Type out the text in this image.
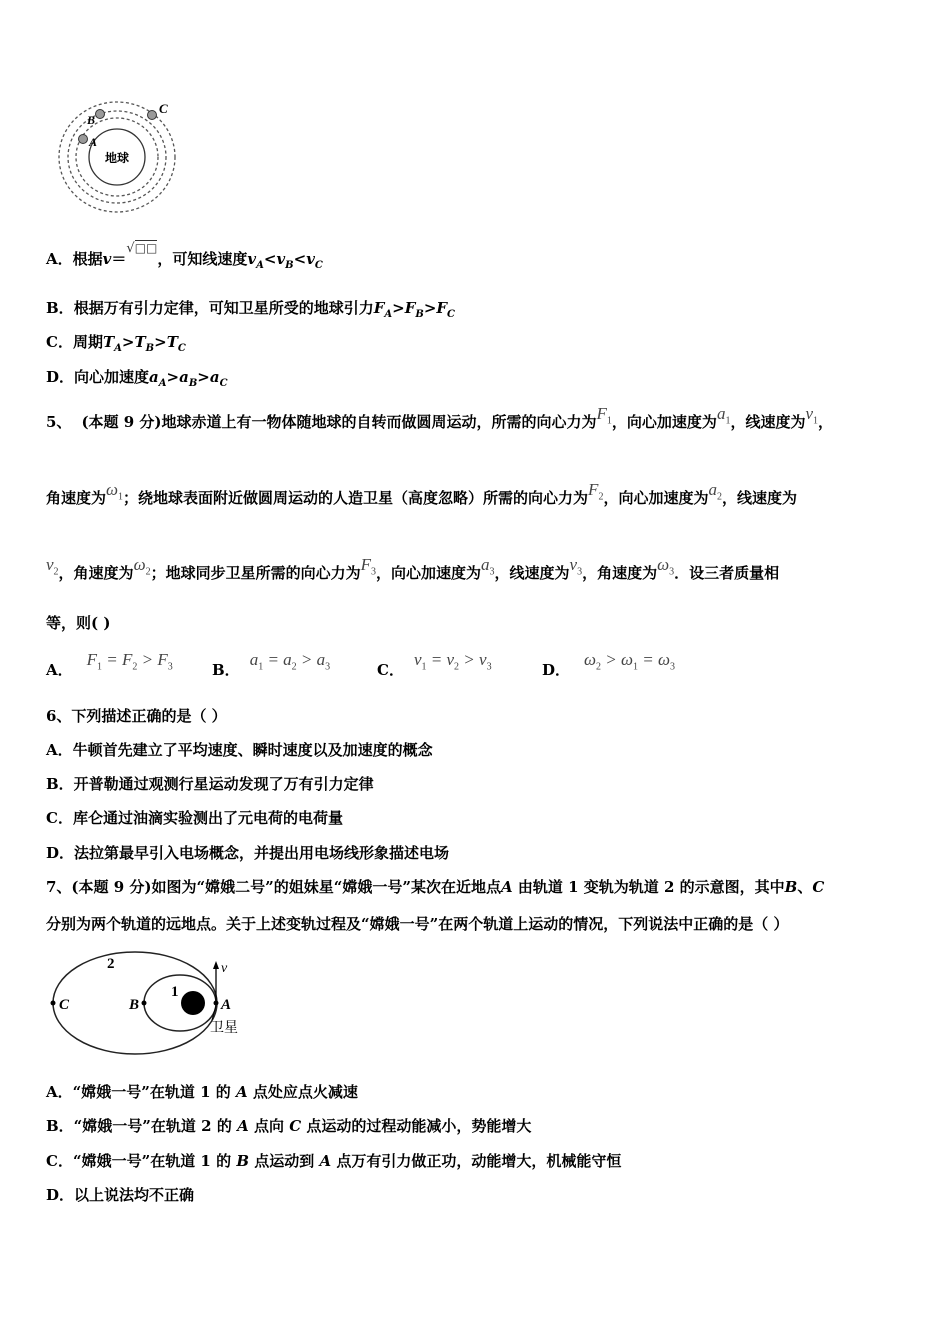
地球
A
B
C
A．根据v＝√□□，可知线速度$v_A<v_B<v_C$
B．根据万有引力定律，可知卫星所受的地球引力$F_A>F_B>F_C$
C．周期$T_A>T_B>T_C$
D．向心加速度$a_A>a_B>a_C$
5、 (本题 9 分)地球赤道上有一物体随地球的自转而做圆周运动，所需的向心力为$F_1$，向心加速度为$a_1$，线速度为$v_1$，
角速度为$\omega_1$；绕地球表面附近做圆周运动的人造卫星（高度忽略）所需的向心力为$F_2$，向心加速度为$a_2$，线速度为
$v_2$，角速度为$\omega_2$；地球同步卫星所需的向心力为$F_3$，向心加速度为$a_3$，线速度为$v_3$，角速度为$\omega_3$．设三者质量相
等，则( )
A．$F_1 = F_2 > F_3$	B．$a_1 = a_2 > a_3$	C．$v_1 = v_2 > v_3$	D．$\omega_2 > \omega_1 = \omega_3$
6、下列描述正确的是（ ）
A．牛顿首先建立了平均速度、瞬时速度以及加速度的概念
B．开普勒通过观测行星运动发现了万有引力定律
C．库仑通过油滴实验测出了元电荷的电荷量
D．法拉第最早引入电场概念，并提出用电场线形象描述电场
7、(本题 9 分)如图为“嫦娥二号”的姐妹星“嫦娥一号”某次在近地点A 由轨道 1 变轨为轨道 2 的示意图，其中B、C
分别为两个轨道的远地点。关于上述变轨过程及“嫦娥一号”在两个轨道上运动的情况，下列说法中正确的是（ ）
2
1
C	B	A
v
卫星
A．“嫦娥一号”在轨道 1 的 A 点处应点火减速
B．“嫦娥一号”在轨道 2 的 A 点向 C 点运动的过程动能减小，势能增大
C．“嫦娥一号”在轨道 1 的 B 点运动到 A 点万有引力做正功，动能增大，机械能守恒
D．以上说法均不正确
